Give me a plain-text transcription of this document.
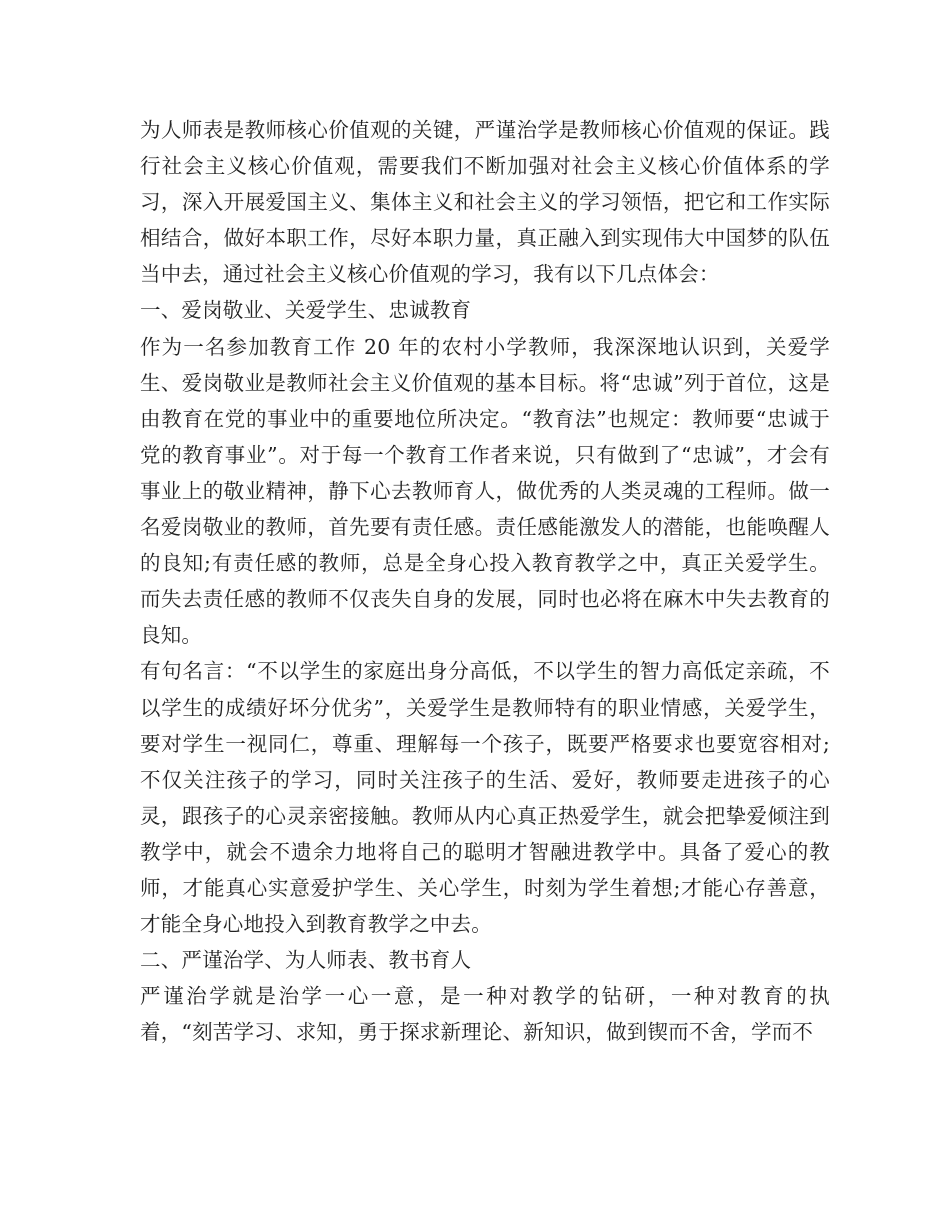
为人师表是教师核心价值观的关键，严谨治学是教师核心价值观的保证。践行社会主义核心价值观，需要我们不断加强对社会主义核心价值体系的学习，深入开展爱国主义、集体主义和社会主义的学习领悟，把它和工作实际相结合，做好本职工作，尽好本职力量，真正融入到实现伟大中国梦的队伍当中去，通过社会主义核心价值观的学习，我有以下几点体会：

一、爱岗敬业、关爱学生、忠诚教育

作为一名参加教育工作 20 年的农村小学教师，我深深地认识到，关爱学生、爱岗敬业是教师社会主义价值观的基本目标。将“忠诚”列于首位，这是由教育在党的事业中的重要地位所决定。“教育法”也规定：教师要“忠诚于党的教育事业”。对于每一个教育工作者来说，只有做到了“忠诚”，才会有事业上的敬业精神，静下心去教师育人，做优秀的人类灵魂的工程师。做一名爱岗敬业的教师，首先要有责任感。责任感能激发人的潜能，也能唤醒人的良知;有责任感的教师，总是全身心投入教育教学之中，真正关爱学生。而失去责任感的教师不仅丧失自身的发展，同时也必将在麻木中失去教育的良知。

有句名言：“不以学生的家庭出身分高低，不以学生的智力高低定亲疏，不以学生的成绩好坏分优劣”，关爱学生是教师特有的职业情感，关爱学生，要对学生一视同仁，尊重、理解每一个孩子，既要严格要求也要宽容相对;不仅关注孩子的学习，同时关注孩子的生活、爱好，教师要走进孩子的心灵，跟孩子的心灵亲密接触。教师从内心真正热爱学生，就会把挚爱倾注到教学中，就会不遗余力地将自己的聪明才智融进教学中。具备了爱心的教师，才能真心实意爱护学生、关心学生，时刻为学生着想;才能心存善意，才能全身心地投入到教育教学之中去。

二、严谨治学、为人师表、教书育人

严谨治学就是治学一心一意，是一种对教学的钻研，一种对教育的执着，“刻苦学习、求知，勇于探求新理论、新知识，做到锲而不舍，学而不
